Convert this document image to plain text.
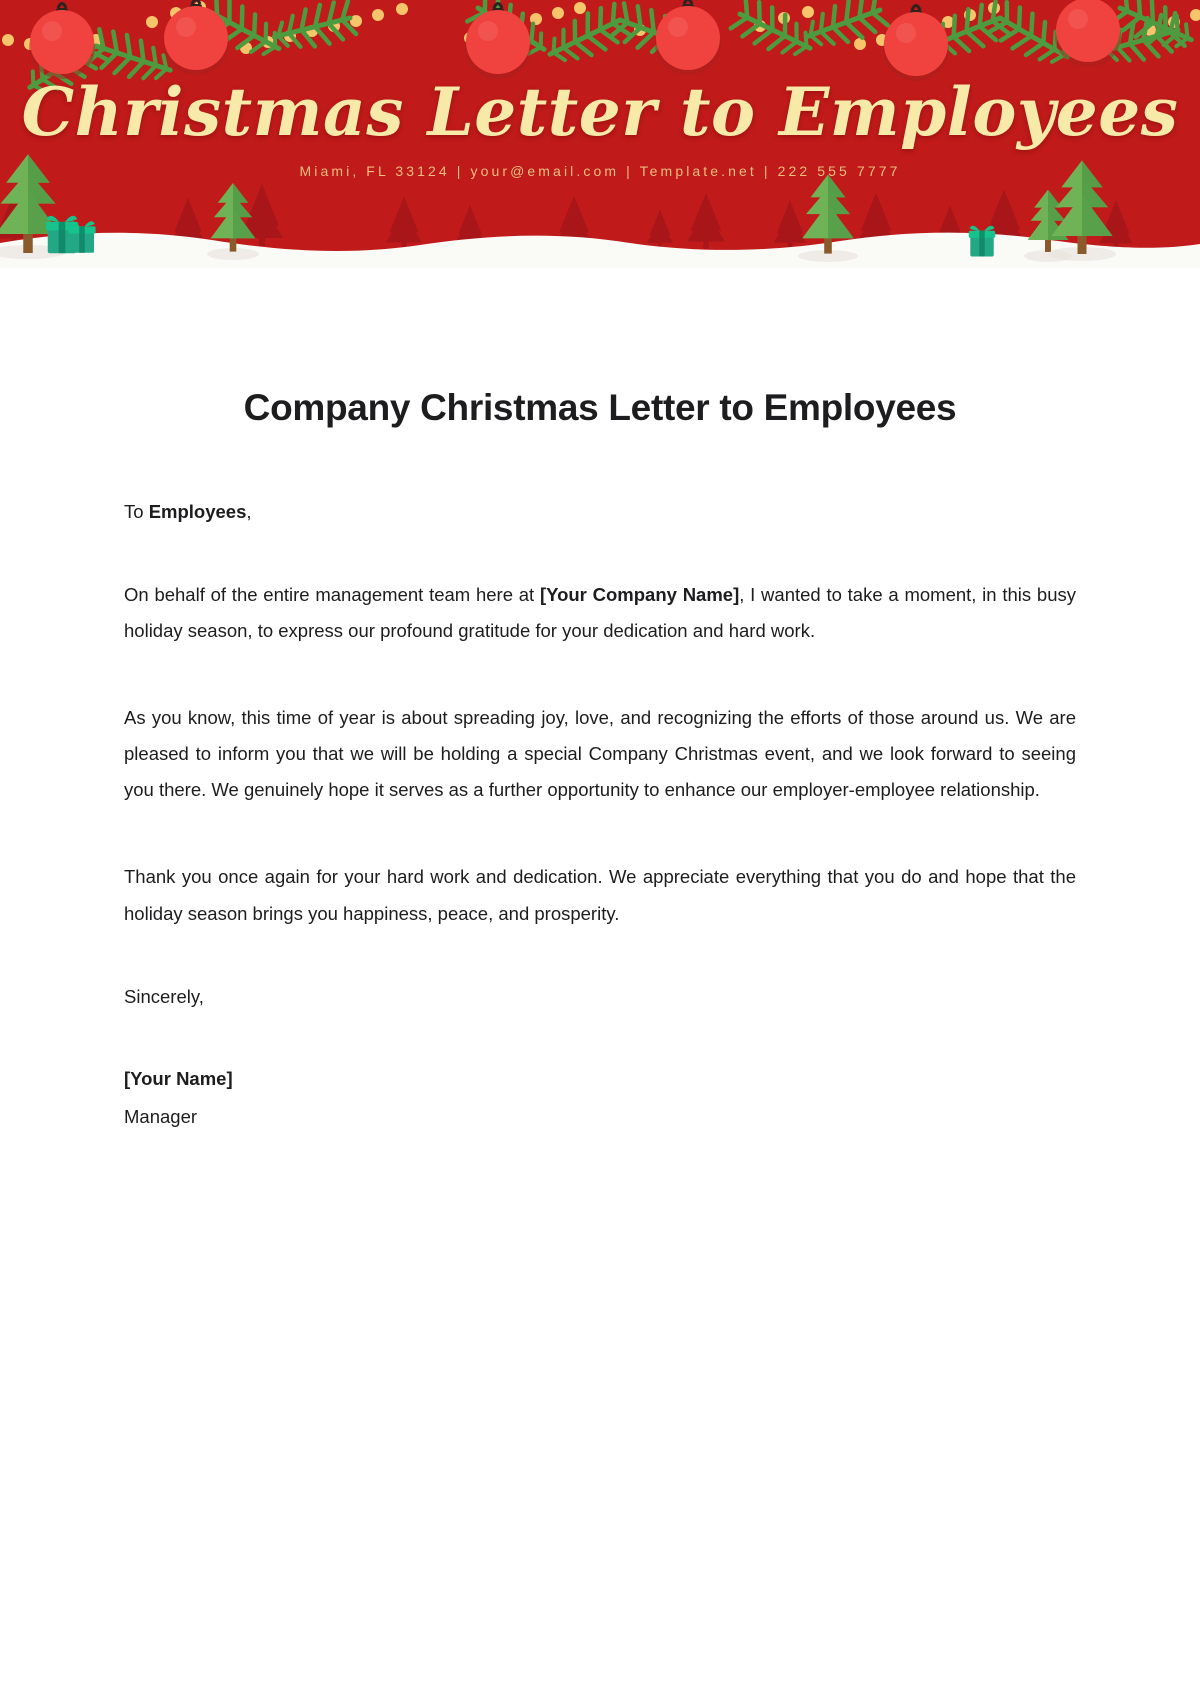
Christmas Letter to Employees
Miami, FL 33124 | your@email.com | Template.net | 222 555 7777
Company Christmas Letter to Employees

To Employees,

On behalf of the entire management team here at [Your Company Name], I wanted to take a moment, in this busy holiday season, to express our profound gratitude for your dedication and hard work.

As you know, this time of year is about spreading joy, love, and recognizing the efforts of those around us. We are pleased to inform you that we will be holding a special Company Christmas event, and we look forward to seeing you there. We genuinely hope it serves as a further opportunity to enhance our employer-employee relationship.

Thank you once again for your hard work and dedication. We appreciate everything that you do and hope that the holiday season brings you happiness, peace, and prosperity.

Sincerely,

[Your Name]

Manager
